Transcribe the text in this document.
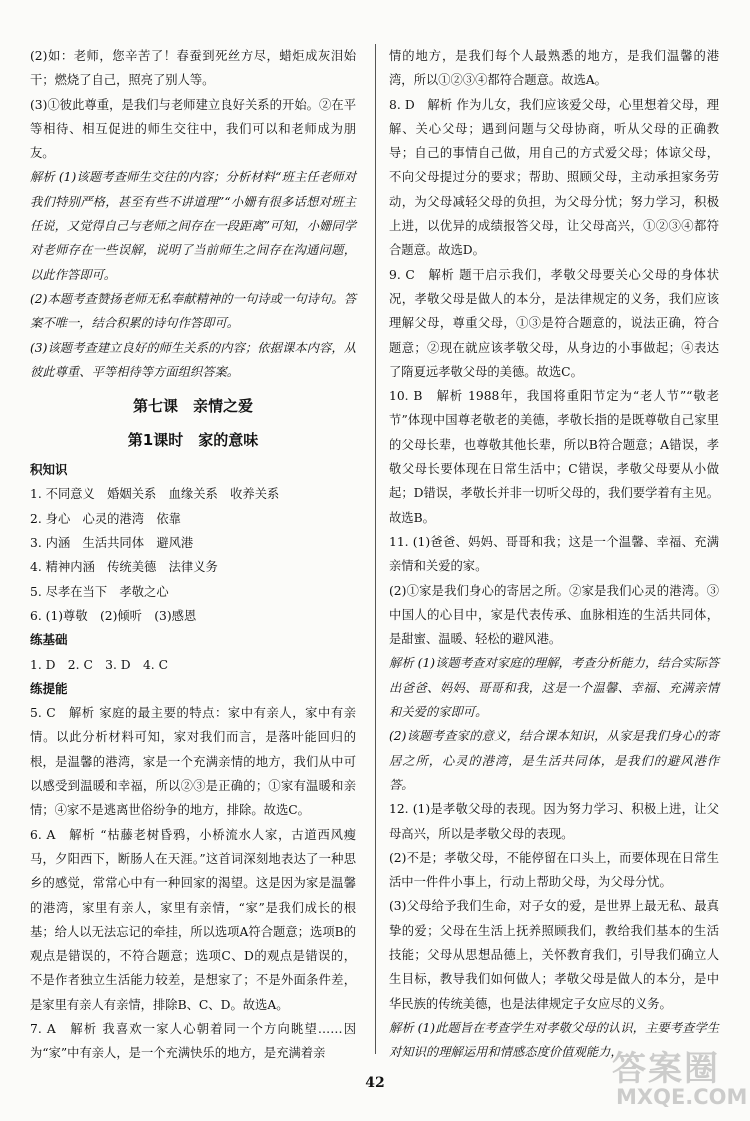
(2)如：老师，您辛苦了！春蚕到死丝方尽，蜡炬成灰泪始干；燃烧了自己，照亮了别人等。

(3)①彼此尊重，是我们与老师建立良好关系的开始。②在平等相待、相互促进的师生交往中，我们可以和老师成为朋友。

解析 (1)该题考查师生交往的内容；分析材料“班主任老师对我们特别严格，甚至有些不讲道理”“小姗有很多话想对班主任说，又觉得自己与老师之间存在一段距离”可知，小姗同学对老师存在一些误解，说明了当前师生之间存在沟通问题，以此作答即可。

(2)本题考查赞扬老师无私奉献精神的一句诗或一句诗句。答案不唯一，结合积累的诗句作答即可。

(3)该题考查建立良好的师生关系的内容；依据课本内容，从彼此尊重、平等相待等方面组织答案。

第七课　亲情之爱
第1课时　家的意味
积知识

1. 不同意义　婚姻关系　血缘关系　收养关系

2. 身心　心灵的港湾　依靠

3. 内涵　生活共同体　避风港

4. 精神内涵　传统美德　法律义务

5. 尽孝在当下　孝敬之心

6. (1)尊敬　(2)倾听　(3)感恩

练基础

1. D　2. C　3. D　4. C

练提能

5. C　解析 家庭的最主要的特点：家中有亲人，家中有亲情。以此分析材料可知，家对我们而言，是落叶能回归的根，是温馨的港湾，家是一个充满亲情的地方，我们从中可以感受到温暖和幸福，所以②③是正确的；①家有温暖和亲情；④家不是逃离世俗纷争的地方，排除。故选C。

6. A　解析 “枯藤老树昏鸦，小桥流水人家，古道西风瘦马，夕阳西下，断肠人在天涯。”这首词深刻地表达了一种思乡的感觉，常常心中有一种回家的渴望。这是因为家是温馨的港湾，家里有亲人，家里有亲情，“家”是我们成长的根基；给人以无法忘记的牵挂，所以选项A符合题意；选项B的观点是错误的，不符合题意；选项C、D的观点是错误的，不是作者独立生活能力较差，是想家了；不是外面条件差，是家里有亲人有亲情，排除B、C、D。故选A。

7. A　解析 我喜欢一家人心朝着同一个方向眺望……因为“家”中有亲人，是一个充满快乐的地方，是充满着亲

情的地方，是我们每个人最熟悉的地方，是我们温馨的港湾，所以①②③④都符合题意。故选A。

8. D　解析 作为儿女，我们应该爱父母，心里想着父母，理解、关心父母；遇到问题与父母协商，听从父母的正确教导；自己的事情自己做，用自己的方式爱父母；体谅父母，不向父母提过分的要求；帮助、照顾父母，主动承担家务劳动，为父母减轻父母的负担，为父母分忧；努力学习，积极上进，以优异的成绩报答父母，让父母高兴，①②③④都符合题意。故选D。

9. C　解析 题干启示我们，孝敬父母要关心父母的身体状况，孝敬父母是做人的本分，是法律规定的义务，我们应该理解父母，尊重父母，①③是符合题意的，说法正确，符合题意；②现在就应该孝敬父母，从身边的小事做起；④表达了隋夏远孝敬父母的美德。故选C。

10. B　解析 1988年，我国将重阳节定为“老人节”“敬老节”体现中国尊老敬老的美德，孝敬长指的是既尊敬自己家里的父母长辈，也尊敬其他长辈，所以B符合题意；A错误，孝敬父母长要体现在日常生活中；C错误，孝敬父母要从小做起；D错误，孝敬长并非一切听父母的，我们要学着有主见。故选B。

11. (1)爸爸、妈妈、哥哥和我；这是一个温馨、幸福、充满亲情和关爱的家。

(2)①家是我们身心的寄居之所。②家是我们心灵的港湾。③中国人的心目中，家是代表传承、血脉相连的生活共同体，是甜蜜、温暖、轻松的避风港。

解析 (1)该题考查对家庭的理解，考查分析能力，结合实际答出爸爸、妈妈、哥哥和我，这是一个温馨、幸福、充满亲情和关爱的家即可。

(2)该题考查家的意义，结合课本知识，从家是我们身心的寄居之所，心灵的港湾，是生活共同体，是我们的避风港作答。

12. (1)是孝敬父母的表现。因为努力学习、积极上进，让父母高兴，所以是孝敬父母的表现。

(2)不是；孝敬父母，不能停留在口头上，而要体现在日常生活中一件件小事上，行动上帮助父母，为父母分忧。

(3)父母给予我们生命，对子女的爱，是世界上最无私、最真挚的爱；父母在生活上抚养照顾我们，教给我们基本的生活技能；父母从思想品德上，关怀教育我们，引导我们确立人生目标，教导我们如何做人；孝敬父母是做人的本分，是中华民族的传统美德，也是法律规定子女应尽的义务。

解析 (1)此题旨在考查学生对孝敬父母的认识，主要考查学生对知识的理解运用和情感态度价值观能力，

42	答案圈
MXQE.COM
